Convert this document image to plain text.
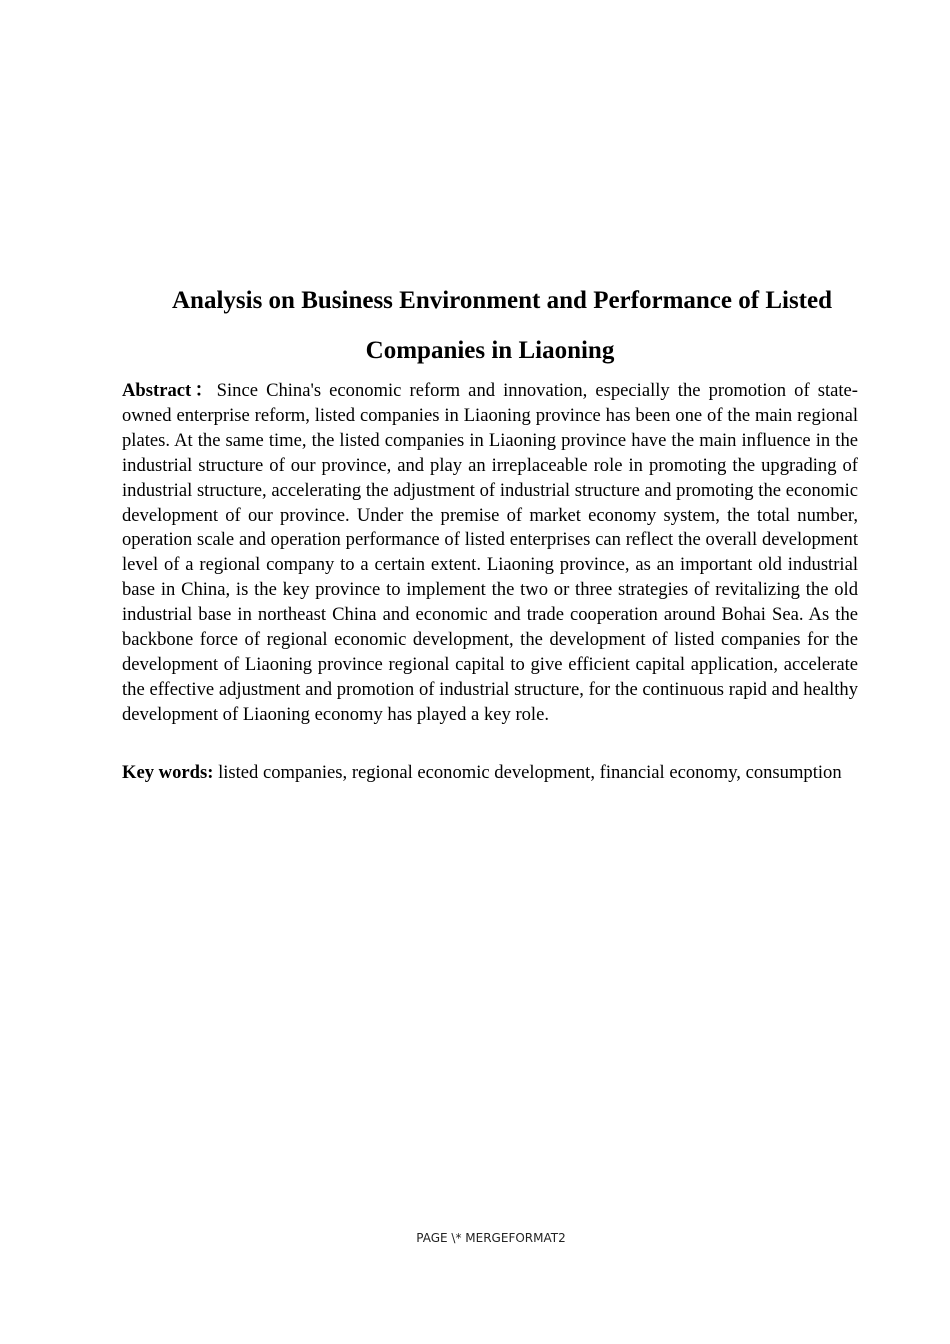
Analysis on Business Environment and Performance of Listed
Companies in Liaoning

Abstract：Since China's economic reform and innovation, especially the promotion of state-owned enterprise reform, listed companies in Liaoning province has been one of the main regional plates. At the same time, the listed companies in Liaoning province have the main influence in the industrial structure of our province, and play an irreplaceable role in promoting the upgrading of industrial structure, accelerating the adjustment of industrial structure and promoting the economic development of our province. Under the premise of market economy system, the total number, operation scale and operation performance of listed enterprises can reflect the overall development level of a regional company to a certain extent. Liaoning province, as an important old industrial base in China, is the key province to implement the two or three strategies of revitalizing the old industrial base in northeast China and economic and trade cooperation around Bohai Sea. As the backbone force of regional economic development, the development of listed companies for the development of Liaoning province regional capital to give efficient capital application, accelerate the effective adjustment and promotion of industrial structure, for the continuous rapid and healthy development of Liaoning economy has played a key role.

Key words: listed companies, regional economic development, financial economy, consumption

PAGE \* MERGEFORMAT2
